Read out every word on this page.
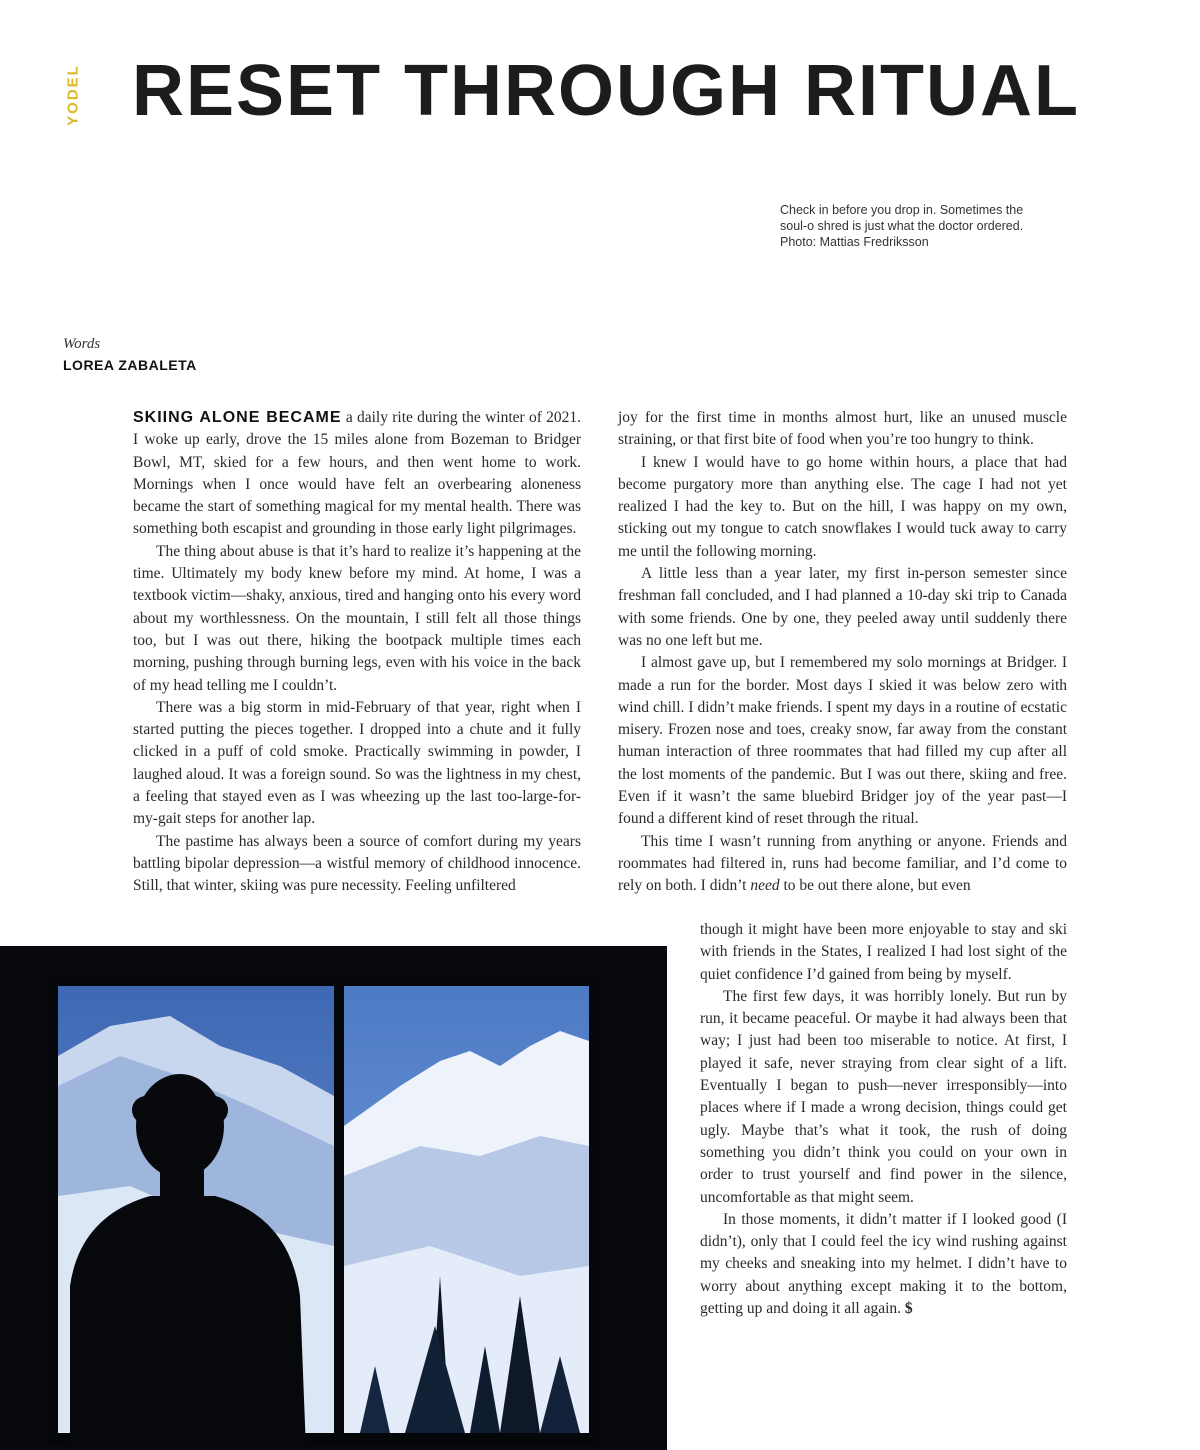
YODEL RESET THROUGH RITUAL
Check in before you drop in. Sometimes the
soul-o shred is just what the doctor ordered.
Photo: Mattias Fredriksson
Words
LOREA ZABALETA

SKIING ALONE BECAME a daily rite during the winter of 2021. I woke up early, drove the 15 miles alone from Bozeman to Bridger Bowl, MT, skied for a few hours, and then went home to work. Mornings when I once would have felt an overbearing aloneness became the start of something magical for my mental health. There was something both escapist and grounding in those early light pilgrimages.

The thing about abuse is that it’s hard to realize it’s happening at the time. Ultimately my body knew before my mind. At home, I was a textbook victim—shaky, anxious, tired and hanging onto his every word about my worthlessness. On the mountain, I still felt all those things too, but I was out there, hiking the bootpack multiple times each morning, pushing through burning legs, even with his voice in the back of my head telling me I couldn’t.

There was a big storm in mid-February of that year, right when I started putting the pieces together. I dropped into a chute and it fully clicked in a puff of cold smoke. Practically swimming in powder, I laughed aloud. It was a foreign sound. So was the lightness in my chest, a feeling that stayed even as I was wheezing up the last too-large-for-my-gait steps for another lap.

The pastime has always been a source of comfort during my years battling bipolar depression—a wistful memory of childhood innocence. Still, that winter, skiing was pure necessity. Feeling unfiltered

joy for the first time in months almost hurt, like an unused muscle straining, or that first bite of food when you’re too hungry to think.

I knew I would have to go home within hours, a place that had become purgatory more than anything else. The cage I had not yet realized I had the key to. But on the hill, I was happy on my own, sticking out my tongue to catch snowflakes I would tuck away to carry me until the following morning.

A little less than a year later, my first in-person semester since freshman fall concluded, and I had planned a 10-day ski trip to Canada with some friends. One by one, they peeled away until suddenly there was no one left but me.

I almost gave up, but I remembered my solo mornings at Bridger. I made a run for the border. Most days I skied it was below zero with wind chill. I didn’t make friends. I spent my days in a routine of ecstatic misery. Frozen nose and toes, creaky snow, far away from the constant human interaction of three roommates that had filled my cup after all the lost moments of the pandemic. But I was out there, skiing and free. Even if it wasn’t the same bluebird Bridger joy of the year past—I found a different kind of reset through the ritual.

This time I wasn’t running from anything or anyone. Friends and roommates had filtered in, runs had become familiar, and I’d come to rely on both. I didn’t need to be out there alone, but even

though it might have been more enjoyable to stay and ski with friends in the States, I realized I had lost sight of the quiet confidence I’d gained from being by myself.

The first few days, it was horribly lonely. But run by run, it became peaceful. Or maybe it had always been that way; I just had been too miserable to notice. At first, I played it safe, never straying from clear sight of a lift. Eventually I began to push—never irresponsibly—into places where if I made a wrong decision, things could get ugly. Maybe that’s what it took, the rush of doing something you didn’t think you could on your own in order to trust yourself and find power in the silence, uncomfortable as that might seem.

In those moments, it didn’t matter if I looked good (I didn’t), only that I could feel the icy wind rushing against my cheeks and sneaking into my helmet. I didn’t have to worry about anything except making it to the bottom, getting up and doing it all again. $
